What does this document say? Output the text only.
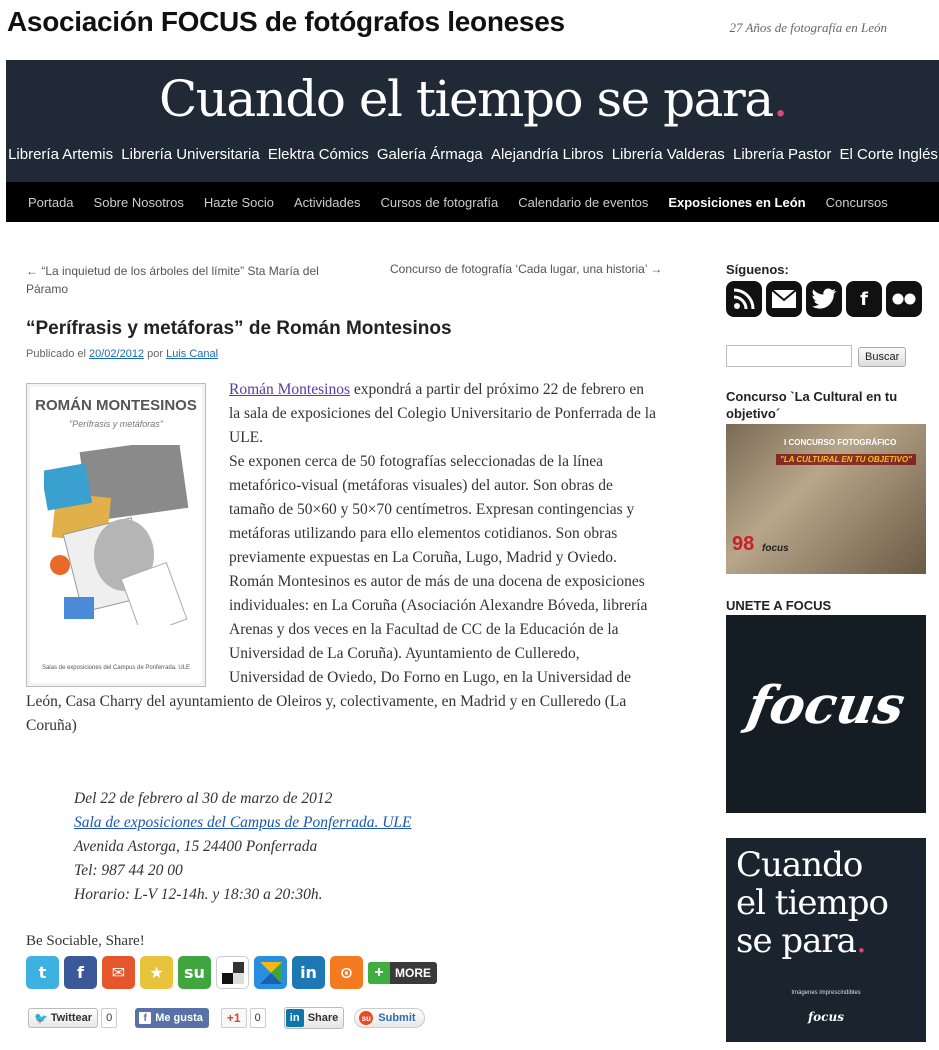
Asociación FOCUS de fotógrafos leoneses	27 Años de fotografía en León
Cuando el tiempo se para.
Librería Artemis Librería Universitaria Elektra Cómics Galería Ármaga Alejandría Libros Librería Valderas Librería Pastor El Corte Inglés
Portada Sobre Nosotros Hazte Socio Actividades Cursos de fotografía Calendario de eventos Exposiciones en León Concursos
← “La inquietud de los árboles del límite” Sta María del Páramo
Concurso de fotografía ‘Cada lugar, una historia’ →
“Perífrasis y metáforas” de Román Montesinos
Publicado el 20/02/2012 por Luis Canal
Román Montesinos expondrá a partir del próximo 22 de febrero en la sala de exposiciones del Colegio Universitario de Ponferrada de la ULE.
Se exponen cerca de 50 fotografías seleccionadas de la línea metafórico-visual (metáforas visuales) del autor. Son obras de tamaño de 50×60 y 50×70 centímetros. Expresan contingencias y metáforas utilizando para ello elementos cotidianos. Son obras previamente expuestas en La Coruña, Lugo, Madrid y Oviedo.
Román Montesinos es autor de más de una docena de exposiciones individuales: en La Coruña (Asociación Alexandre Bóveda, librería Arenas y dos veces en la Facultad de CC de la Educación de la Universidad de La Coruña). Ayuntamiento de Culleredo, Universidad de Oviedo, Do Forno en Lugo, en la Universidad de León, Casa Charry del ayuntamiento de Oleiros y, colectivamente, en Madrid y en Culleredo (La Coruña)
ROMÁN MONTESINOS
"Perífrasis y metáforas"
Salas de exposiciones del Campus de Ponferrada. ULE
Del 22 de febrero al 30 de marzo de 2012
Sala de exposiciones del Campus de Ponferrada. ULE
Avenida Astorga, 15 24400 Ponferrada
Tel: 987 44 20 00
Horario: L-V 12-14h. y 18:30 a 20:30h.
Be Sociable, Share!
t	f	✉	★	su	in	⊙	+ MORE
🐦 Twittear	0	f Me gusta	+1	0	in Share	su Submit
Síguenos:
f
Buscar
Concurso `La Cultural en tu objetivo´
I CONCURSO FOTOGRÁFICO
"LA CULTURAL EN TU OBJETIVO"
98 focus
UNETE A FOCUS
focus
Cuando
el tiempo
se para.
Imágenes imprescindibles
focus
